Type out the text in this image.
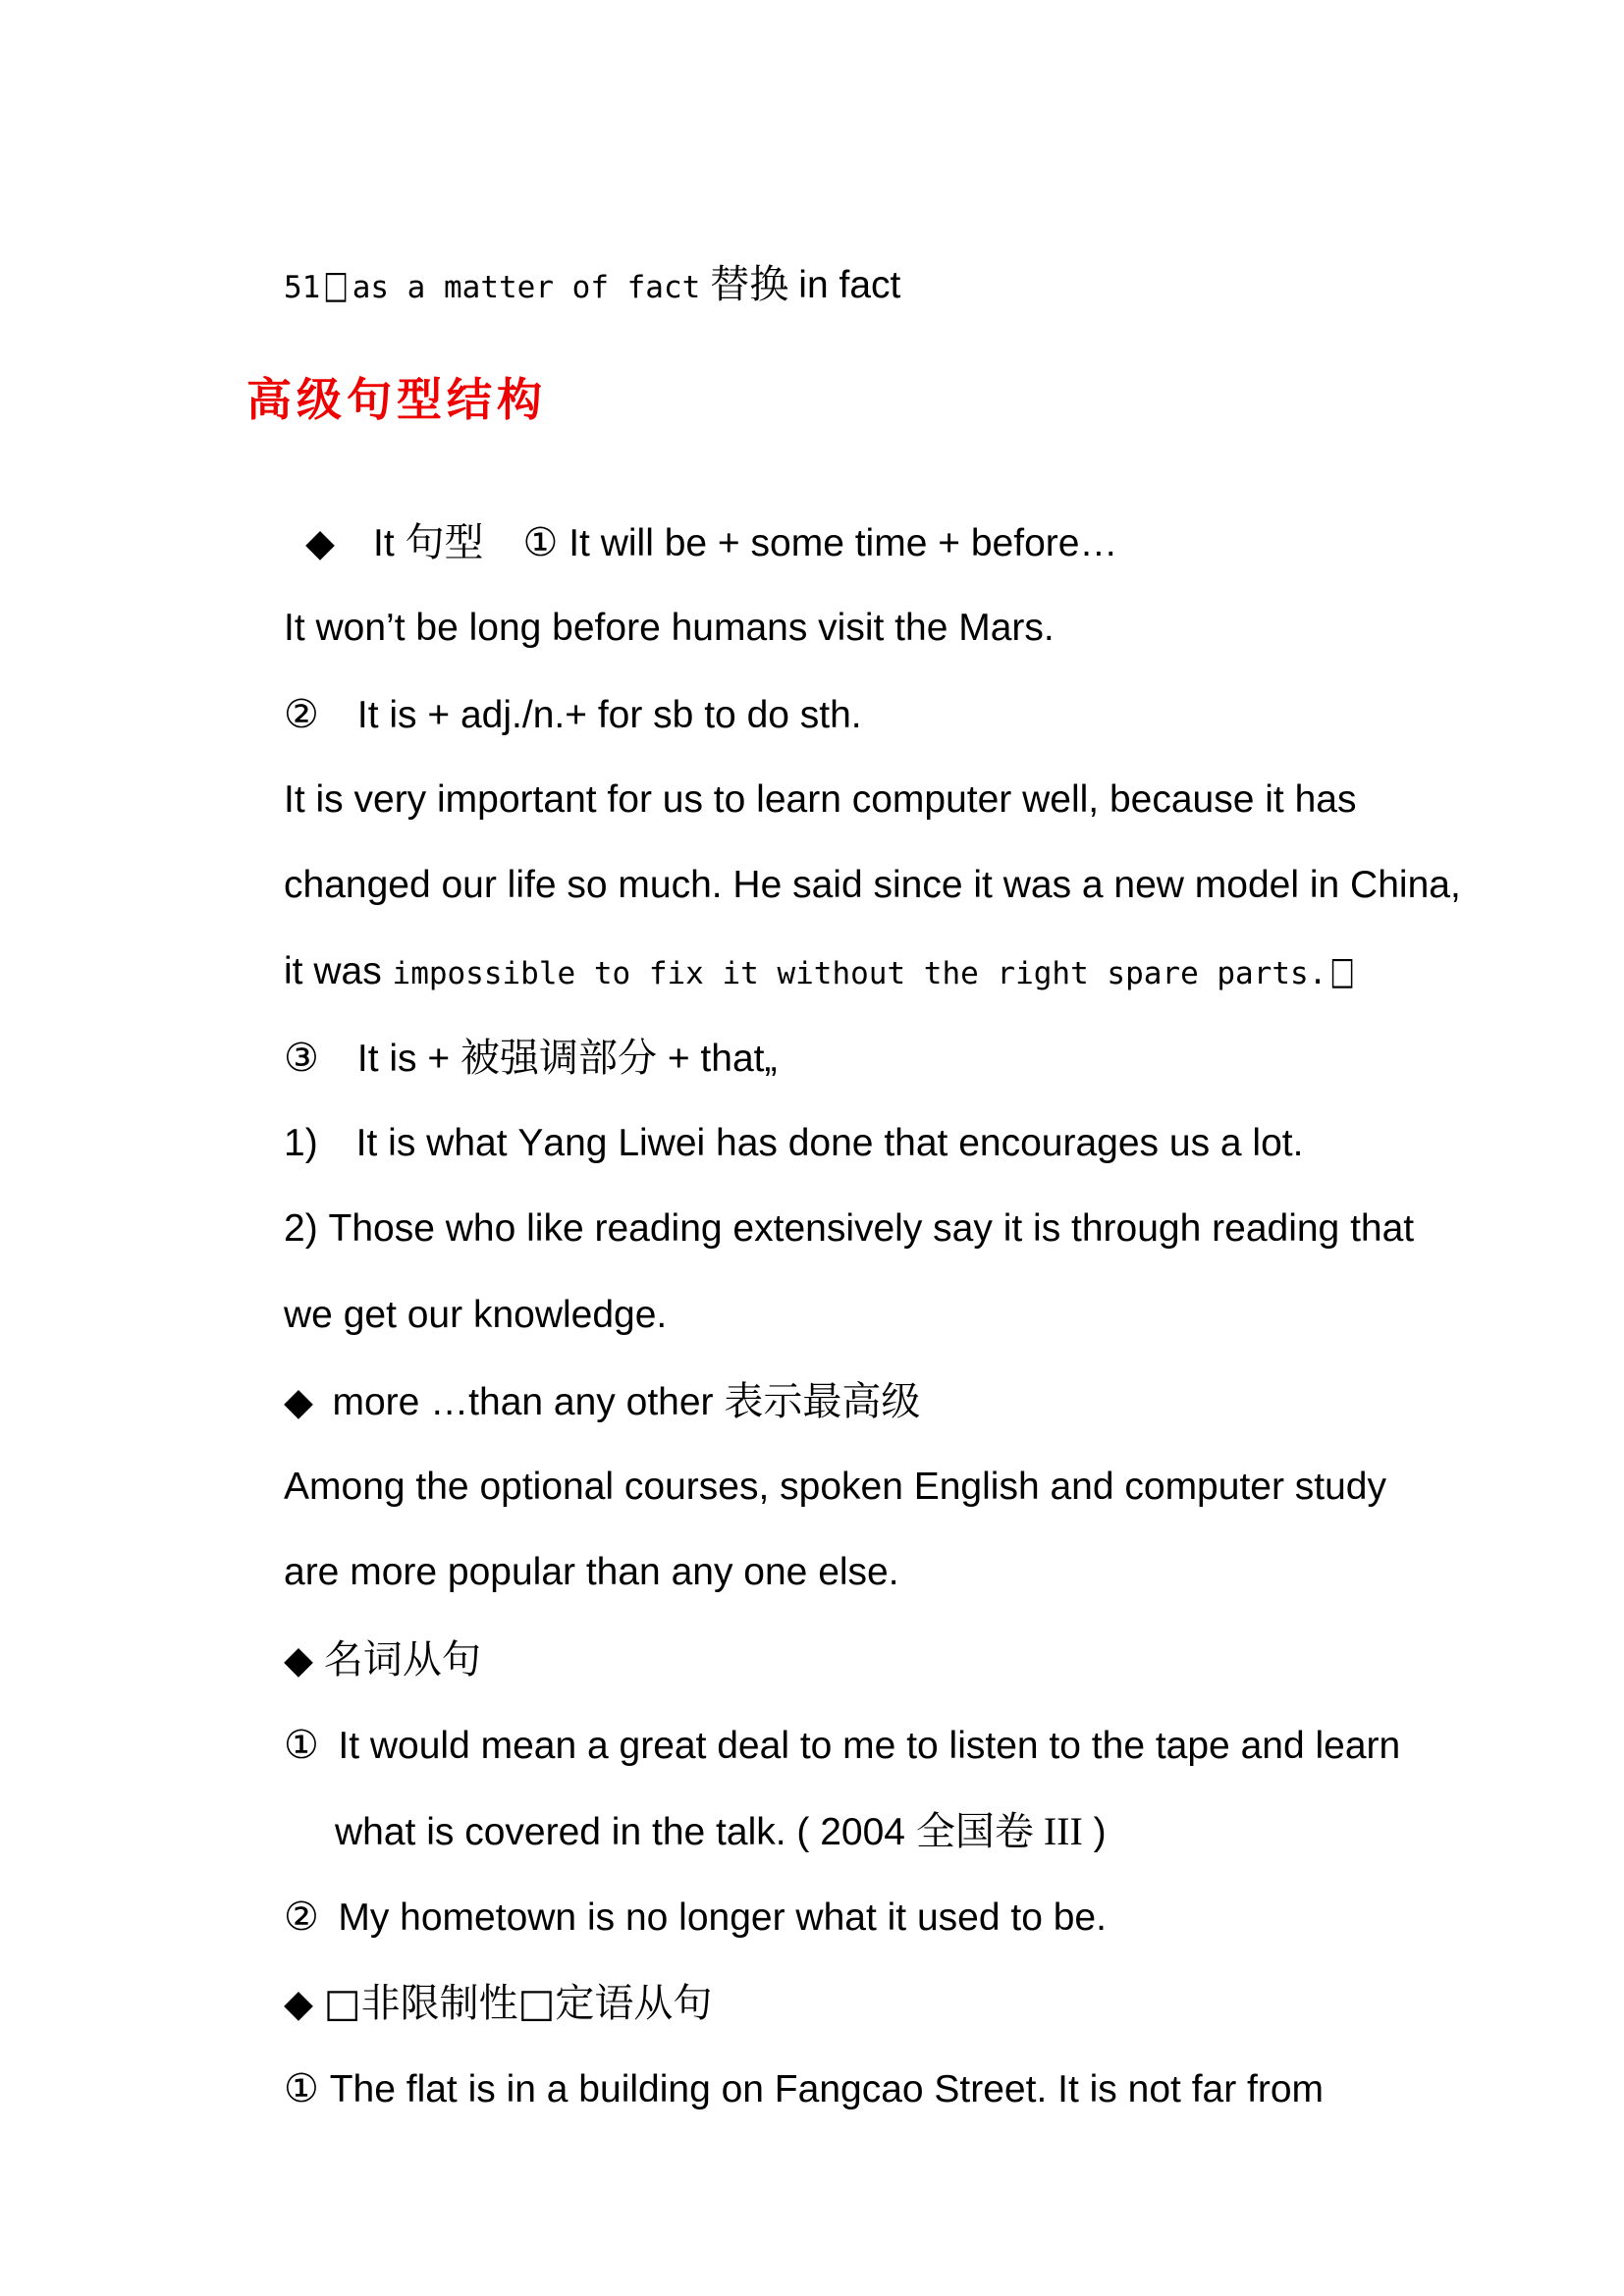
51 □ as a matter of fact 替换 in fact

高级句型结构

◆ It 句型 ① It will be + some time + before…

It won’t be long before humans visit the Mars.

② It is + adj./n.+ for sb to do sth.

It is very important for us to learn computer well, because it has

changed our life so much. He said since it was a new model in China,

it was impossible to fix it without the right spare parts. □

③ It is + 被强调部分 + that„

1) It is what Yang Liwei has done that encourages us a lot.

2) Those who like reading extensively say it is through reading that

we get our knowledge.

◆ more …than any other 表示最高级

Among the optional courses, spoken English and computer study

are more popular than any one else.

◆ 名词从句

① It would mean a great deal to me to listen to the tape and learn

what is covered in the talk. ( 2004 全国卷 III )

② My hometown is no longer what it used to be.

◆ □非限制性□定语从句

① The flat is in a building on Fangcao Street. It is not far from
